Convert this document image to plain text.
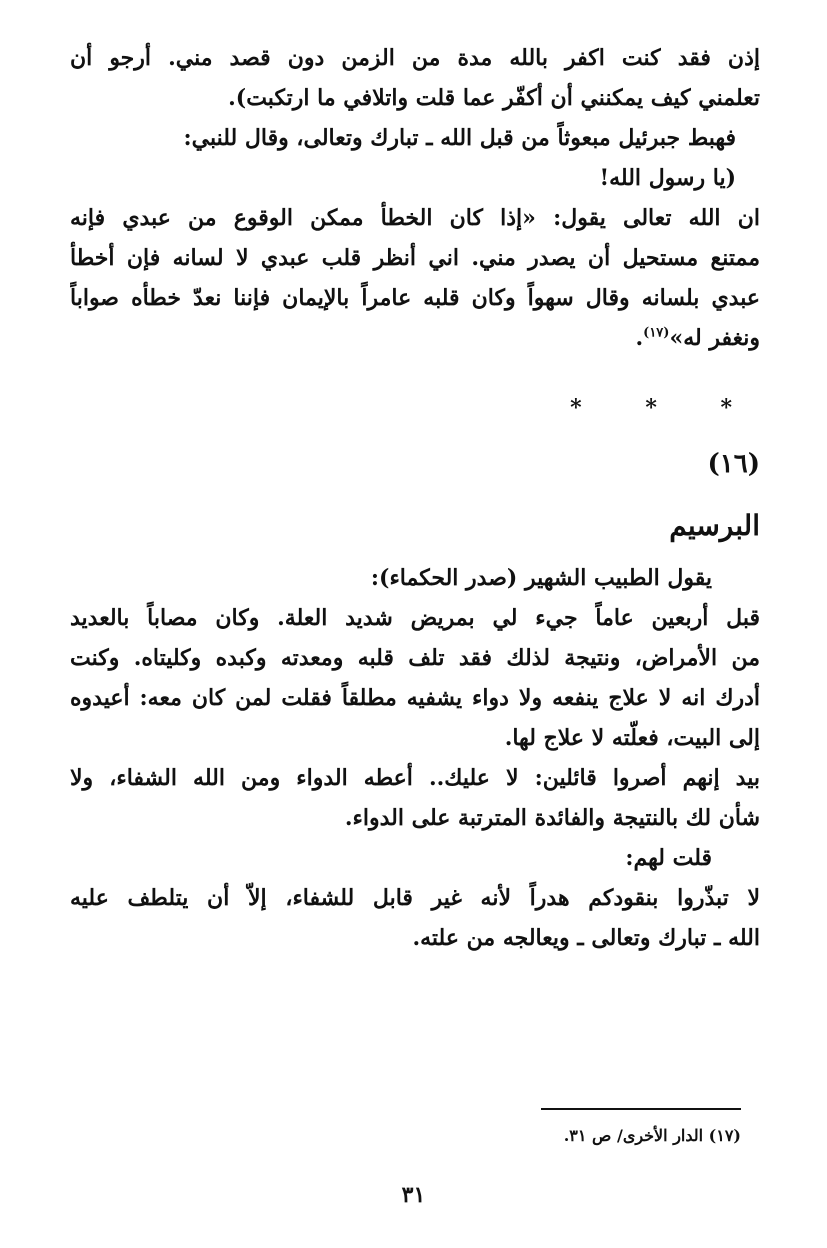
إذن فقد كنت اكفر بالله مدة من الزمن دون قصد مني. أرجو أن
تعلمني كيف يمكنني أن أكفّر عما قلت واتلافي ما ارتكبت).
فهبط جبرئيل مبعوثاً من قبل الله ـ تبارك وتعالى، وقال للنبي:
(يا رسول الله!
ان الله تعالى يقول: «إذا كان الخطأ ممكن الوقوع من عبدي فإنه
ممتنع مستحيل أن يصدر مني. اني أنظر قلب عبدي لا لسانه فإن أخطأ
عبدي بلسانه وقال سهواً وكان قلبه عامراً بالإيمان فإننا نعدّ خطأه صواباً
ونغفر له»$^{(١٧)}$.
* * *
(١٦)
البرسيم
يقول الطبيب الشهير (صدر الحكماء):
قبل أربعين عاماً جيء لي بمريض شديد العلة. وكان مصاباً بالعديد
من الأمراض، ونتيجة لذلك فقد تلف قلبه ومعدته وكبده وكليتاه. وكنت
أدرك انه لا علاج ينفعه ولا دواء يشفيه مطلقاً فقلت لمن كان معه: أعيدوه
إلى البيت، فعلّته لا علاج لها.
بيد إنهم أصروا قائلين: لا عليك.. أعطه الدواء ومن الله الشفاء، ولا
شأن لك بالنتيجة والفائدة المترتبة على الدواء.
قلت لهم:
لا تبذّروا بنقودكم هدراً لأنه غير قابل للشفاء، إلاّ أن يتلطف عليه
الله ـ تبارك وتعالى ـ ويعالجه من علته.
(١٧) الدار الأخرى/ ص ٣١.
٣١
